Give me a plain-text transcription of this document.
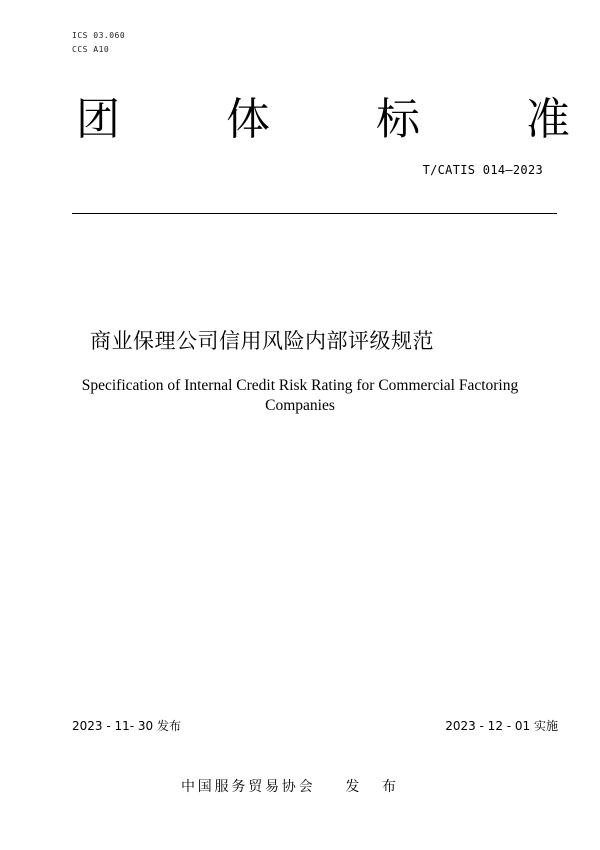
ICS 03.060
CCS A10
团 体 标 准
T/CATIS 014—2023
商业保理公司信用风险内部评级规范
Specification of Internal Credit Risk Rating for Commercial Factoring
Companies
2023 - 11- 30 发布	2023 - 12 - 01 实施
中国服务贸易协会 发 布
